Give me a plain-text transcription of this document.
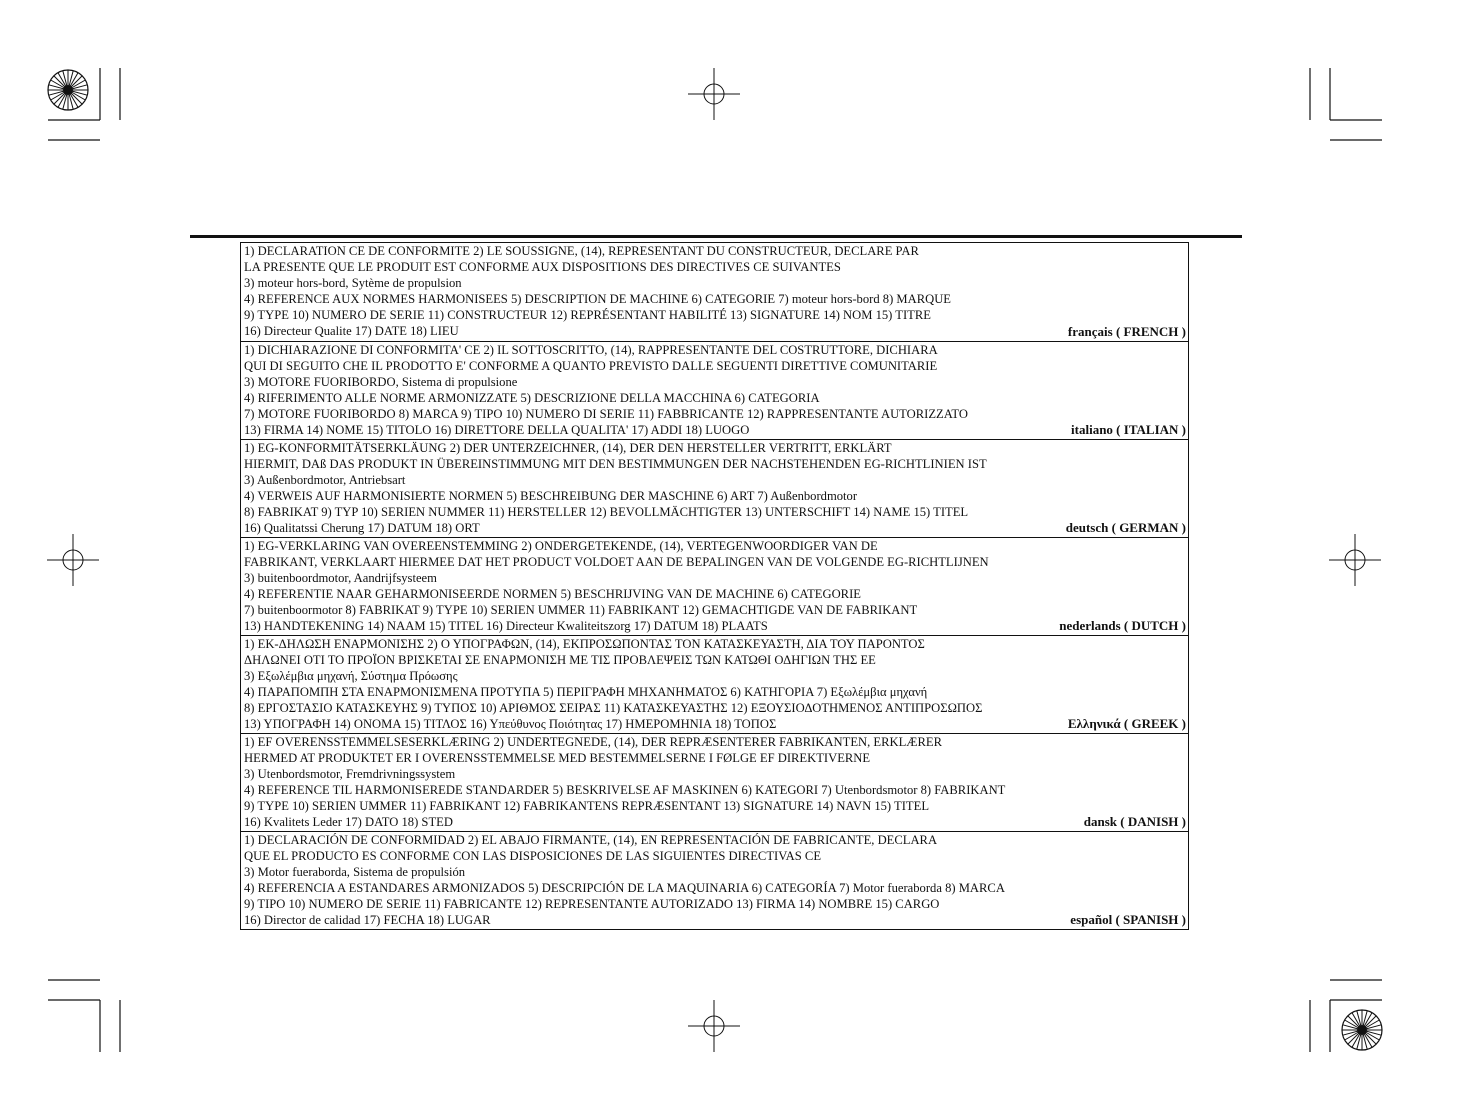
1) DECLARATION CE DE CONFORMITE 2) LE SOUSSIGNE, (14), REPRESENTANT DU CONSTRUCTEUR, DECLARE PAR
LA PRESENTE QUE LE PRODUIT EST CONFORME AUX DISPOSITIONS DES DIRECTIVES CE SUIVANTES
3) moteur hors-bord, Sytème de propulsion
4) REFERENCE AUX NORMES HARMONISEES 5) DESCRIPTION DE MACHINE 6) CATEGORIE 7) moteur hors-bord 8) MARQUE
9) TYPE 10) NUMERO DE SERIE 11) CONSTRUCTEUR 12) REPRÉSENTANT HABILITÉ 13) SIGNATURE 14) NOM 15) TITRE
16) Directeur Qualite 17) DATE 18) LIEU	français ( FRENCH )
1) DICHIARAZIONE DI CONFORMITA' CE 2) IL SOTTOSCRITTO, (14), RAPPRESENTANTE DEL COSTRUTTORE, DICHIARA
QUI DI SEGUITO CHE IL PRODOTTO E' CONFORME A QUANTO PREVISTO DALLE SEGUENTI DIRETTIVE COMUNITARIE
3) MOTORE FUORIBORDO, Sistema di propulsione
4) RIFERIMENTO ALLE NORME ARMONIZZATE 5) DESCRIZIONE DELLA MACCHINA 6) CATEGORIA
7) MOTORE FUORIBORDO 8) MARCA 9) TIPO 10) NUMERO DI SERIE 11) FABBRICANTE 12) RAPPRESENTANTE AUTORIZZATO
13) FIRMA 14) NOME 15) TITOLO 16) DIRETTORE DELLA QUALITA' 17) ADDI 18) LUOGO	italiano ( ITALIAN )
1) EG-KONFORMITÄTSERKLÄUNG 2) DER UNTERZEICHNER, (14), DER DEN HERSTELLER VERTRITT, ERKLÄRT
HIERMIT, DAß DAS PRODUKT IN ÜBEREINSTIMMUNG MIT DEN BESTIMMUNGEN DER NACHSTEHENDEN EG-RICHTLINIEN IST
3) Außenbordmotor, Antriebsart
4) VERWEIS AUF HARMONISIERTE NORMEN 5) BESCHREIBUNG DER MASCHINE 6) ART 7) Außenbordmotor
8) FABRIKAT 9) TYP 10) SERIEN NUMMER 11) HERSTELLER 12) BEVOLLMÄCHTIGTER 13) UNTERSCHIFT 14) NAME 15) TITEL
16) Qualitatssi Cherung 17) DATUM 18) ORT	deutsch ( GERMAN )
1) EG-VERKLARING VAN OVEREENSTEMMING 2) ONDERGETEKENDE, (14), VERTEGENWOORDIGER VAN DE
FABRIKANT, VERKLAART HIERMEE DAT HET PRODUCT VOLDOET AAN DE BEPALINGEN VAN DE VOLGENDE EG-RICHTLIJNEN
3) buitenboordmotor, Aandrijfsysteem
4) REFERENTIE NAAR GEHARMONISEERDE NORMEN 5) BESCHRIJVING VAN DE MACHINE 6) CATEGORIE
7) buitenboormotor 8) FABRIKAT 9) TYPE 10) SERIEN UMMER 11) FABRIKANT 12) GEMACHTIGDE VAN DE FABRIKANT
13) HANDTEKENING 14) NAAM 15) TITEL 16) Directeur Kwaliteitszorg 17) DATUM 18) PLAATS	nederlands ( DUTCH )
1) ΕΚ-ΔΗΛΩΣΗ ΕΝΑΡΜΟΝΙΣΗΣ 2) Ο ΥΠΟΓΡΑΦΩΝ, (14), ΕΚΠΡΟΣΩΠΟΝΤΑΣ ΤΟΝ ΚΑΤΑΣΚΕΥΑΣΤΗ, ΔΙΑ ΤΟΥ ΠΑΡΟΝΤΟΣ
ΔΗΛΩΝΕΙ ΟΤΙ ΤΟ ΠΡΟΪΟΝ ΒΡΙΣΚΕΤΑΙ ΣΕ ΕΝΑΡΜΟΝΙΣΗ ΜΕ ΤΙΣ ΠΡΟΒΛΕΨΕΙΣ ΤΩΝ ΚΑΤΩΘΙ ΟΔΗΓΙΩΝ ΤΗΣ ΕΕ
3) Εξωλέμβια μηχανή, Σύστημα Πρόωσης
4) ΠΑΡΑΠΟΜΠΗ ΣΤΑ ΕΝΑΡΜΟΝΙΣΜΕΝΑ ΠΡΟΤΥΠΑ 5) ΠΕΡΙΓΡΑΦΗ ΜΗΧΑΝΗΜΑΤΟΣ 6) ΚΑΤΗΓΟΡΙΑ 7) Εξωλέμβια μηχανή
8) ΕΡΓΟΣΤΑΣΙΟ ΚΑΤΑΣΚΕΥΗΣ 9) ΤΥΠΟΣ 10) ΑΡΙΘΜΟΣ ΣΕΙΡΑΣ 11) ΚΑΤΑΣΚΕΥΑΣΤΗΣ 12) ΕΞΟΥΣΙΟΔΟΤΗΜΕΝΟΣ ΑΝΤΙΠΡΟΣΩΠΟΣ
13) ΥΠΟΓΡΑΦΗ 14) ΟΝΟΜΑ 15) ΤΙΤΛΟΣ 16) Υπεύθυνος Ποιότητας 17) ΗΜΕΡΟΜΗΝΙΑ 18) ΤΟΠΟΣ	Ελληνικά ( GREEK )
1) EF OVERENSSTEMMELSESERKLÆRING 2) UNDERTEGNEDE, (14), DER REPRÆSENTERER FABRIKANTEN, ERKLÆRER
HERMED AT PRODUKTET ER I OVERENSSTEMMELSE MED BESTEMMELSERNE I FØLGE EF DIREKTIVERNE
3) Utenbordsmotor, Fremdrivningssystem
4) REFERENCE TIL HARMONISEREDE STANDARDER 5) BESKRIVELSE AF MASKINEN 6) KATEGORI 7) Utenbordsmotor 8) FABRIKANT
9) TYPE 10) SERIEN UMMER 11) FABRIKANT 12) FABRIKANTENS REPRÆSENTANT 13) SIGNATURE 14) NAVN 15) TITEL
16) Kvalitets Leder 17) DATO 18) STED	dansk ( DANISH )
1) DECLARACIÓN DE CONFORMIDAD 2) EL ABAJO FIRMANTE, (14), EN REPRESENTACIÓN DE FABRICANTE, DECLARA
QUE EL PRODUCTO ES CONFORME CON LAS DISPOSICIONES DE LAS SIGUIENTES DIRECTIVAS CE
3) Motor fueraborda, Sistema de propulsión
4) REFERENCIA A ESTANDARES ARMONIZADOS 5) DESCRIPCIÓN DE LA MAQUINARIA 6) CATEGORÍA 7) Motor fueraborda 8) MARCA
9) TIPO 10) NUMERO DE SERIE 11) FABRICANTE 12) REPRESENTANTE AUTORIZADO 13) FIRMA 14) NOMBRE 15) CARGO
16) Director de calidad 17) FECHA 18) LUGAR	español ( SPANISH )
